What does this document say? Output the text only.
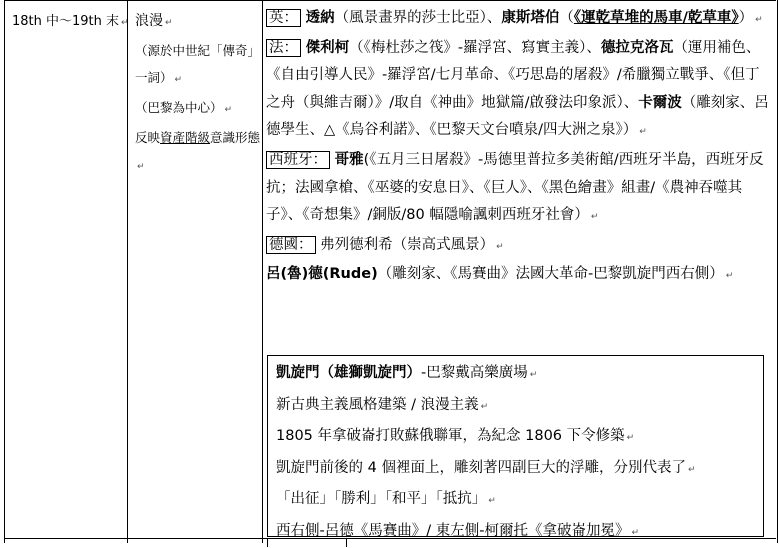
18th 中～19th 末 ↵ 浪漫 ↵
（源於中世紀「傳奇」一詞） ↵
（巴黎為中心） ↵
反映資產階級意識形態↵

英： 透納（風景畫界的莎士比亞）、康斯塔伯（《運乾草堆的馬車/乾草車》） ↵

法： 傑利柯（《梅杜莎之筏》-羅浮宮、寫實主義）、德拉克洛瓦（運用補色、《自由引導人民》-羅浮宮/七月革命、《巧思島的屠殺》/希臘獨立戰爭、《但丁之舟（與維吉爾）》/取自《神曲》地獄篇/啟發法印象派）、卡爾波（雕刻家、呂德學生、△《烏谷利諾》、《巴黎天文台噴泉/四大洲之泉》） ↵

西班牙： 哥雅(《五月三日屠殺》-馬德里普拉多美術館/西班牙半島，西班牙反抗；法國拿槍、《巫婆的安息日》、《巨人》、《黑色繪畫》組畫/《農神吞噬其子》、《奇想集》/銅版/80 幅隱喻諷刺西班牙社會） ↵

德國： 弗列德利希（崇高式風景） ↵

呂(魯)德(Rude)（雕刻家、《馬賽曲》法國大革命-巴黎凱旋門西右側） ↵

凱旋門（雄獅凱旋門）-巴黎戴高樂廣場 ↵

新古典主義風格建築 / 浪漫主義 ↵

1805 年拿破崙打敗蘇俄聯軍，為紀念 1806 下令修築 ↵

凱旋門前後的 4 個裡面上，雕刻著四副巨大的浮雕，分別代表了 ↵

「出征」「勝利」「和平」「抵抗」 ↵

西右側-呂德《馬賽曲》/ 東左側-柯爾托《拿破崙加冕》 ↵
